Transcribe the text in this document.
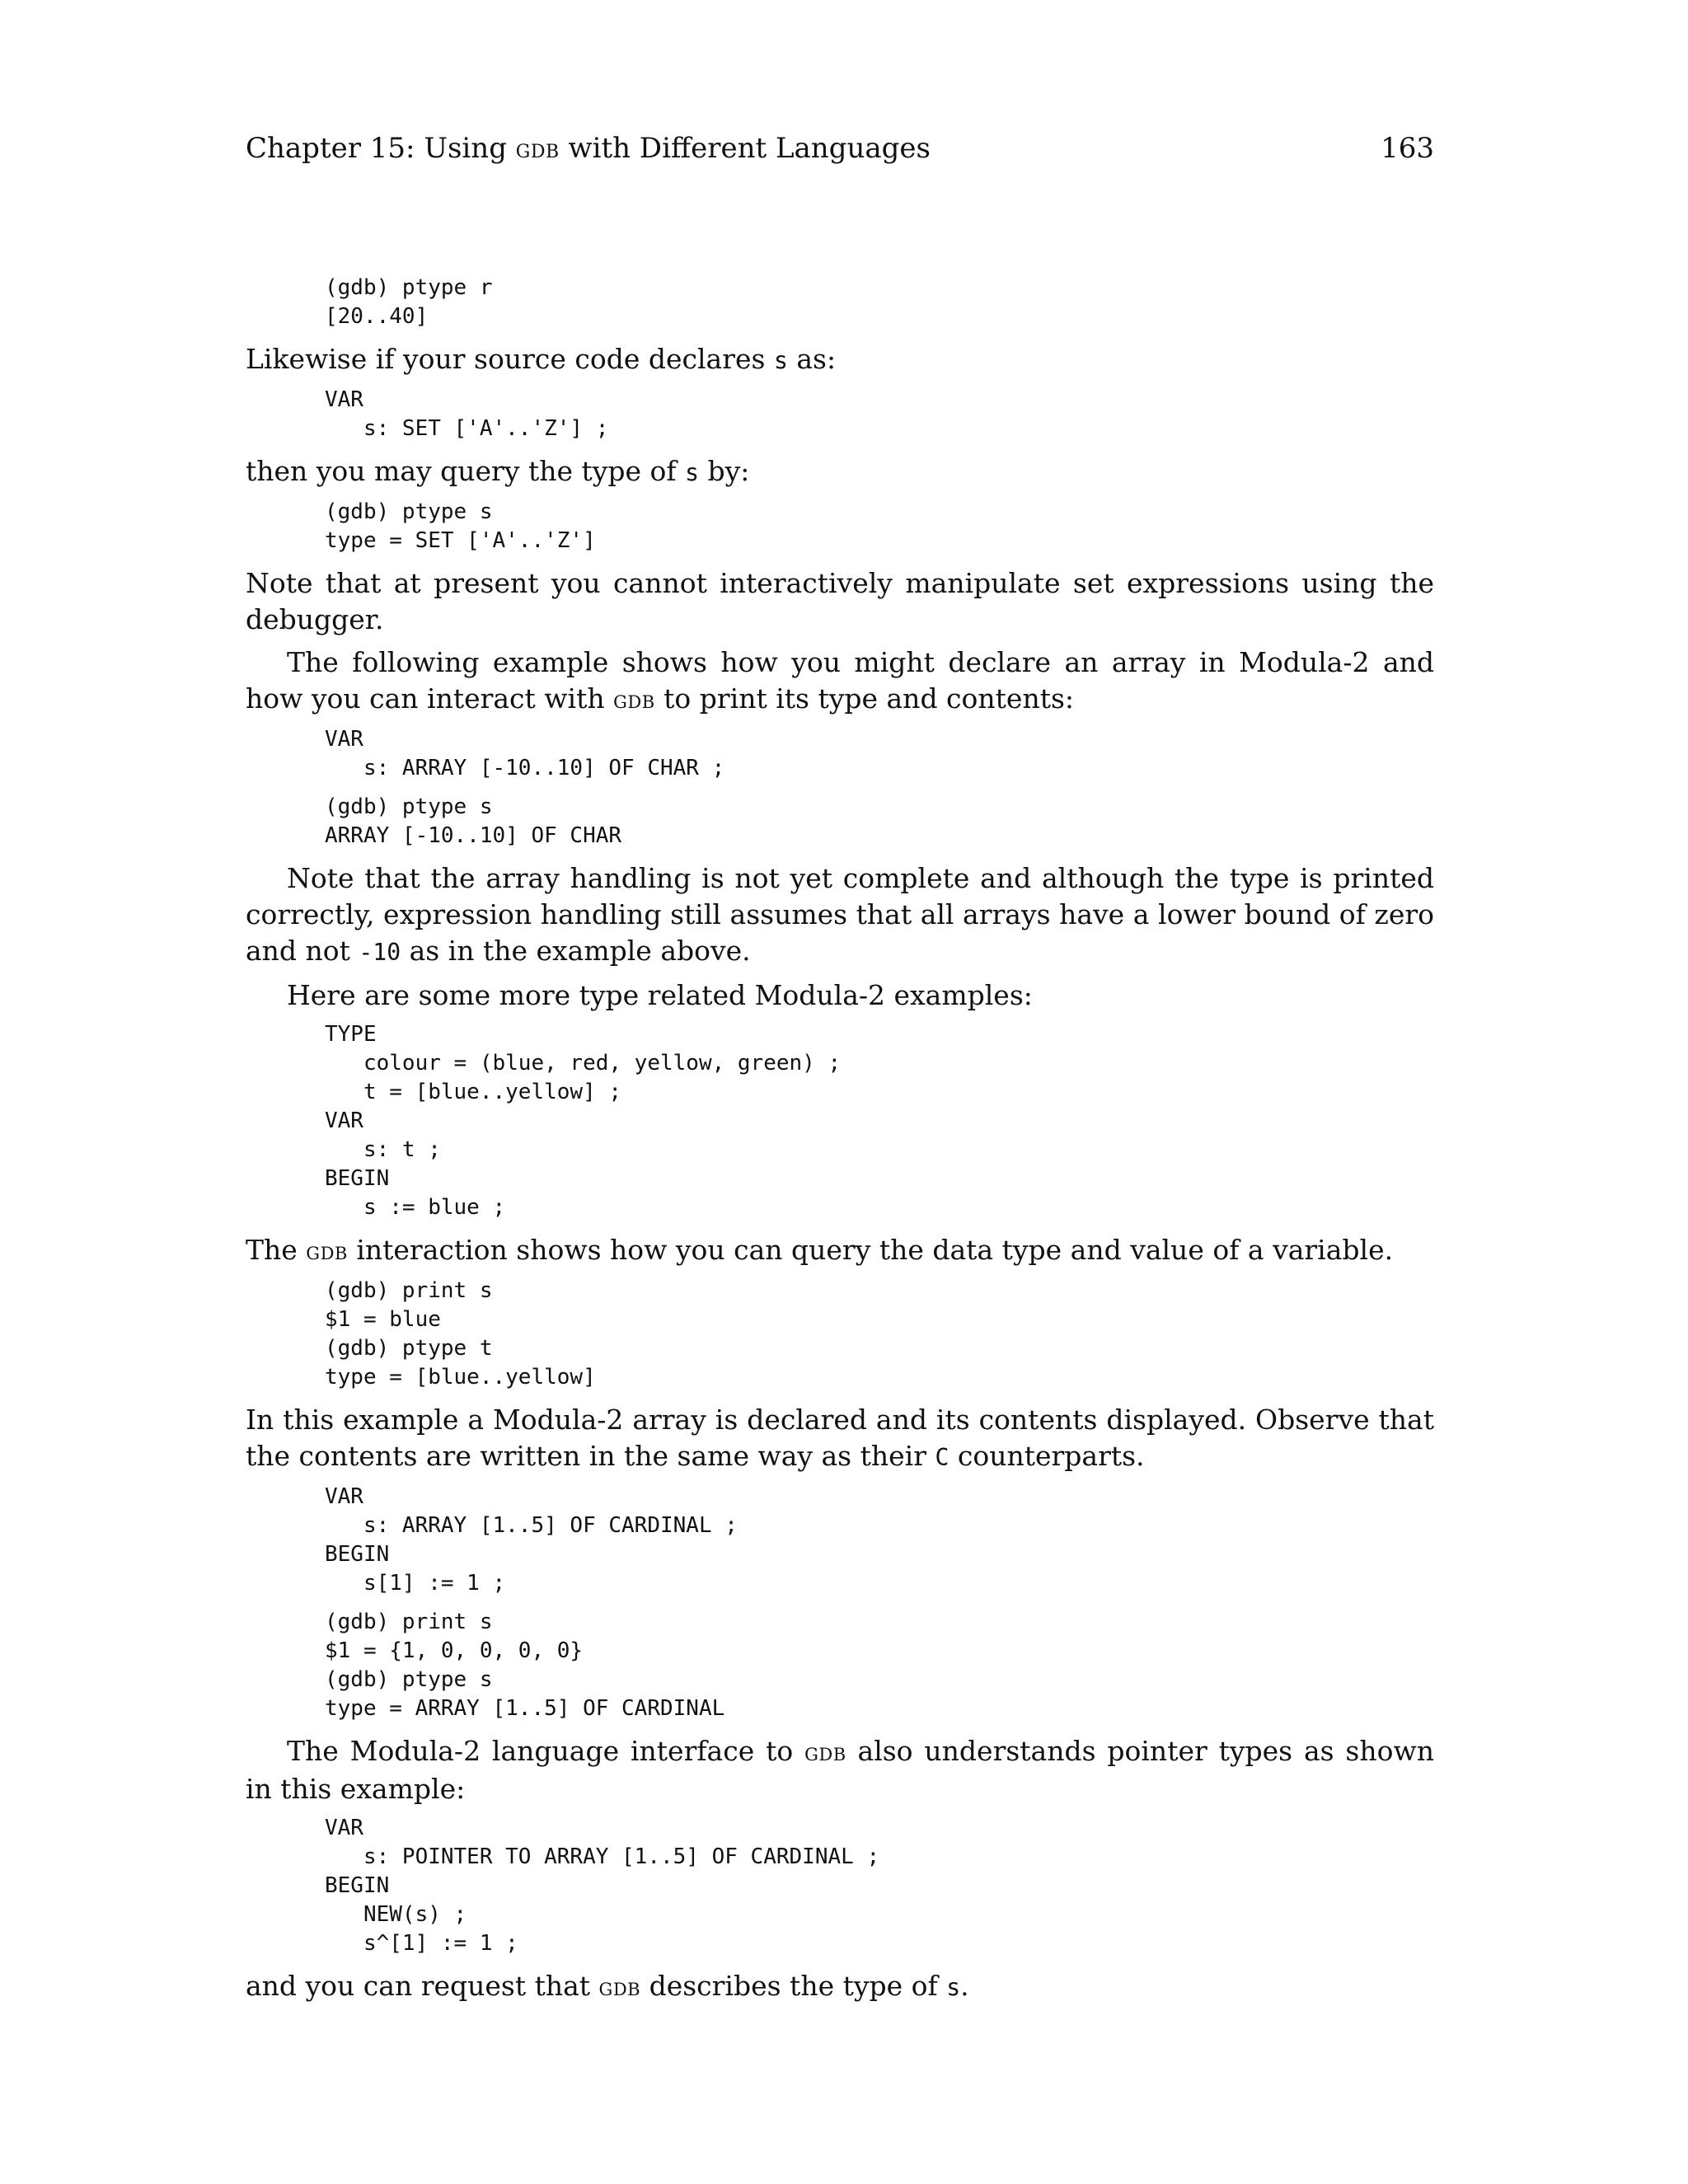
Chapter 15: Using gdb with Different Languages	163
(gdb) ptype r
[20..40]

Likewise if your source code declares s as:

VAR
s: SET ['A'..'Z'] ;

then you may query the type of s by:

(gdb) ptype s
type = SET ['A'..'Z']

Note that at present you cannot interactively manipulate set expressions using the debugger.

The following example shows how you might declare an array in Modula-2 and how you can interact with gdb to print its type and contents:

VAR
s: ARRAY [-10..10] OF CHAR ;
(gdb) ptype s
ARRAY [-10..10] OF CHAR

Note that the array handling is not yet complete and although the type is printed correctly, expression handling still assumes that all arrays have a lower bound of zero and not -10 as in the example above.

Here are some more type related Modula-2 examples:

TYPE
colour = (blue, red, yellow, green) ;
t = [blue..yellow] ;
VAR
s: t ;
BEGIN
s := blue ;

The gdb interaction shows how you can query the data type and value of a variable.

(gdb) print s
$1 = blue
(gdb) ptype t
type = [blue..yellow]

In this example a Modula-2 array is declared and its contents displayed. Observe that the contents are written in the same way as their C counterparts.

VAR
s: ARRAY [1..5] OF CARDINAL ;
BEGIN
s[1] := 1 ;
(gdb) print s
$1 = {1, 0, 0, 0, 0}
(gdb) ptype s
type = ARRAY [1..5] OF CARDINAL

The Modula-2 language interface to gdb also understands pointer types as shown in this example:

VAR
s: POINTER TO ARRAY [1..5] OF CARDINAL ;
BEGIN
NEW(s) ;
s^[1] := 1 ;

and you can request that gdb describes the type of s.
